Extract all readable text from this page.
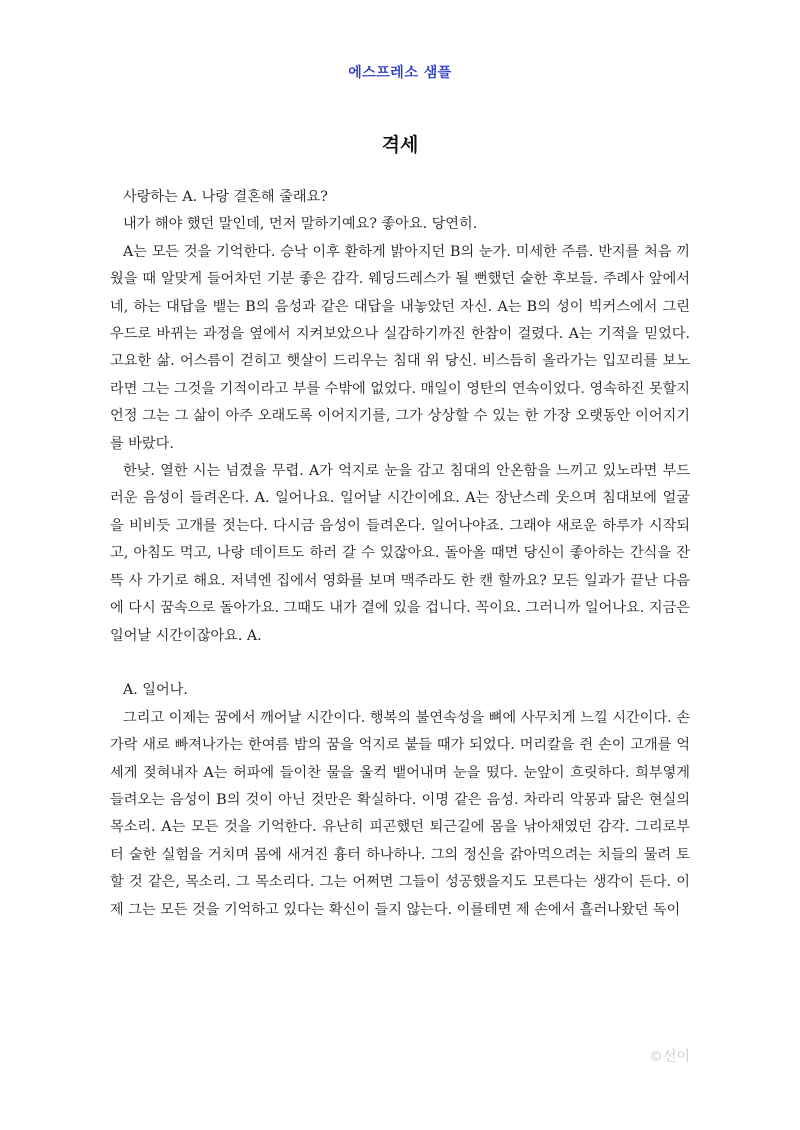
에스프레소 샘플
격세

사랑하는 A. 나랑 결혼해 줄래요?

내가 해야 했던 말인데, 먼저 말하기예요? 좋아요. 당연히.

A는 모든 것을 기억한다. 승낙 이후 환하게 밝아지던 B의 눈가. 미세한 주름. 반지를 처음 끼웠을 때 알맞게 들어차던 기분 좋은 감각. 웨딩드레스가 될 뻔했던 숱한 후보들. 주례사 앞에서 네, 하는 대답을 뱉는 B의 음성과 같은 대답을 내놓았던 자신. A는 B의 성이 빅커스에서 그린우드로 바뀌는 과정을 옆에서 지켜보았으나 실감하기까진 한참이 걸렸다. A는 기적을 믿었다. 고요한 삶. 어스름이 걷히고 햇살이 드리우는 침대 위 당신. 비스듬히 올라가는 입꼬리를 보노라면 그는 그것을 기적이라고 부를 수밖에 없었다. 매일이 영탄의 연속이었다. 영속하진 못할지언정 그는 그 삶이 아주 오래도록 이어지기를, 그가 상상할 수 있는 한 가장 오랫동안 이어지기를 바랐다.

한낮. 열한 시는 넘겼을 무렵. A가 억지로 눈을 감고 침대의 안온함을 느끼고 있노라면 부드러운 음성이 들려온다. A. 일어나요. 일어날 시간이에요. A는 장난스레 웃으며 침대보에 얼굴을 비비듯 고개를 젓는다. 다시금 음성이 들려온다. 일어나야죠. 그래야 새로운 하루가 시작되고, 아침도 먹고, 나랑 데이트도 하러 갈 수 있잖아요. 돌아올 때면 당신이 좋아하는 간식을 잔뜩 사 가기로 해요. 저녁엔 집에서 영화를 보며 맥주라도 한 캔 할까요? 모든 일과가 끝난 다음에 다시 꿈속으로 돌아가요. 그때도 내가 곁에 있을 겁니다. 꼭이요. 그러니까 일어나요. 지금은 일어날 시간이잖아요. A.

A. 일어나.

그리고 이제는 꿈에서 깨어날 시간이다. 행복의 불연속성을 뼈에 사무치게 느낄 시간이다. 손가락 새로 빠져나가는 한여름 밤의 꿈을 억지로 붙들 때가 되었다. 머리칼을 쥔 손이 고개를 억세게 젖혀내자 A는 허파에 들이찬 물을 울컥 뱉어내며 눈을 떴다. 눈앞이 흐릿하다. 희부옇게 들려오는 음성이 B의 것이 아닌 것만은 확실하다. 이명 같은 음성. 차라리 악몽과 닮은 현실의 목소리. A는 모든 것을 기억한다. 유난히 피곤했던 퇴근길에 몸을 낚아채였던 감각. 그리로부터 숱한 실험을 거치며 몸에 새겨진 흉터 하나하나. 그의 정신을 갉아먹으려는 치들의 물려 토할 것 같은, 목소리. 그 목소리다. 그는 어쩌면 그들이 성공했을지도 모른다는 생각이 든다. 이제 그는 모든 것을 기억하고 있다는 확신이 들지 않는다. 이를테면 제 손에서 흘러나왔던 독이

©선이
